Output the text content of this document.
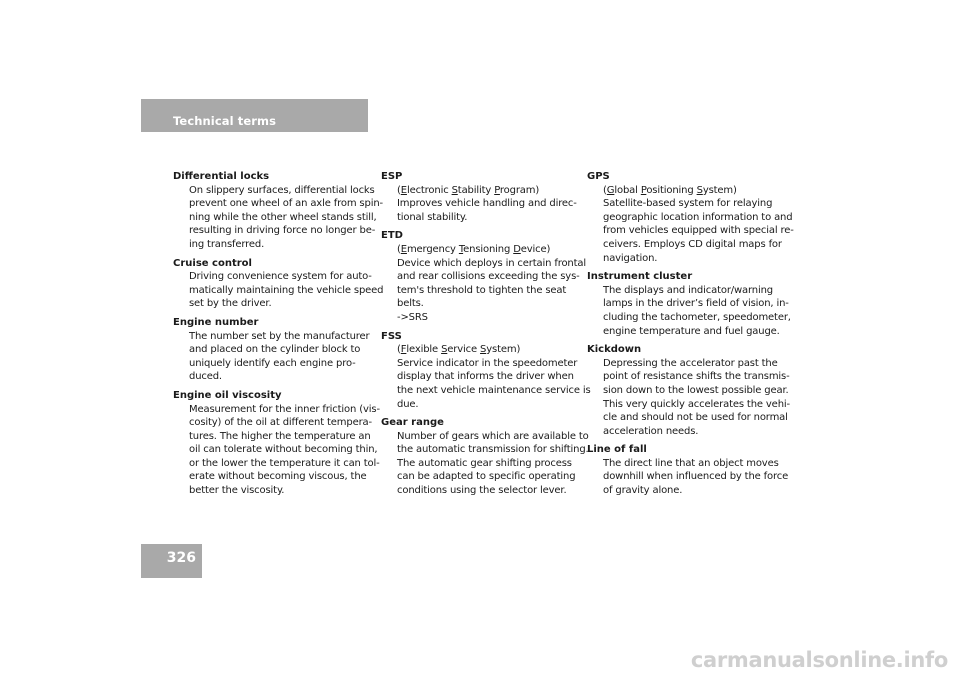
Technical terms
Differential locks
On slippery surfaces, differential locks
prevent one wheel of an axle from spin-
ning while the other wheel stands still,
resulting in driving force no longer be-
ing transferred.
Cruise control
Driving convenience system for auto-
matically maintaining the vehicle speed
set by the driver.
Engine number
The number set by the manufacturer
and placed on the cylinder block to
uniquely identify each engine pro-
duced.
Engine oil viscosity
Measurement for the inner friction (vis-
cosity) of the oil at different tempera-
tures. The higher the temperature an
oil can tolerate without becoming thin,
or the lower the temperature it can tol-
erate without becoming viscous, the
better the viscosity.
ESP
(Electronic Stability Program)
Improves vehicle handling and direc-
tional stability.
ETD
(Emergency Tensioning Device)
Device which deploys in certain frontal
and rear collisions exceeding the sys-
tem's threshold to tighten the seat
belts.
->SRS
FSS
(Flexible Service System)
Service indicator in the speedometer
display that informs the driver when
the next vehicle maintenance service is
due.
Gear range
Number of gears which are available to
the automatic transmission for shifting.
The automatic gear shifting process
can be adapted to specific operating
conditions using the selector lever.
GPS
(Global Positioning System)
Satellite-based system for relaying
geographic location information to and
from vehicles equipped with special re-
ceivers. Employs CD digital maps for
navigation.
Instrument cluster
The displays and indicator/warning
lamps in the driver’s field of vision, in-
cluding the tachometer, speedometer,
engine temperature and fuel gauge.
Kickdown
Depressing the accelerator past the
point of resistance shifts the transmis-
sion down to the lowest possible gear.
This very quickly accelerates the vehi-
cle and should not be used for normal
acceleration needs.
Line of fall
The direct line that an object moves
downhill when influenced by the force
of gravity alone.
326
carmanualsonline.info
